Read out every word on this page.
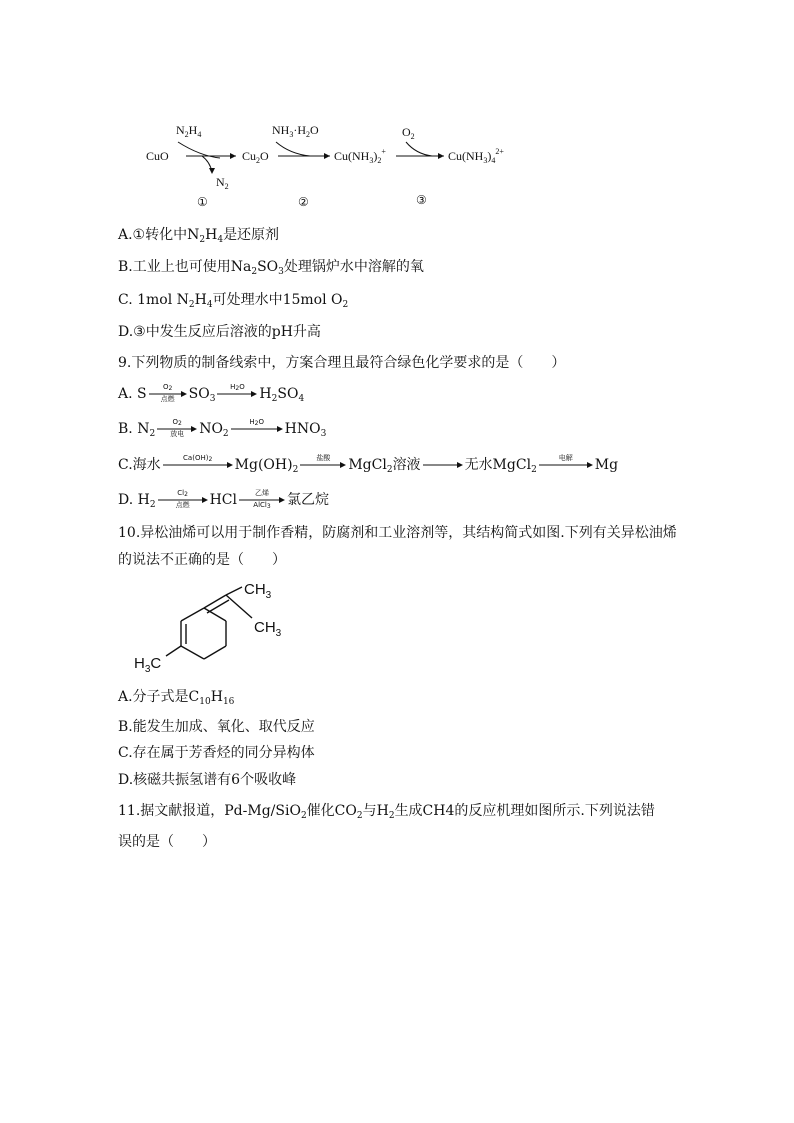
CuO
$N_2H_4$
$N_2$
$Cu_2O$
$NH_3\cdot H_2O$
$Cu(NH_3)_2^+$
$O_2$
$Cu(NH_3)_4^{2+}$
①	②	③
A.①转化中$N_2H_4$是还原剂
B.工业上也可使用$Na_2SO_3$处理锅炉水中溶解的氧
C. 1mol $N_2H_4$可处理水中15mol $O_2$
D.③中发生反应后溶液的pH升高
9.下列物质的制备线索中，方案合理且最符合绿色化学要求的是（　　）
A. S	$O_2$
点燃	$SO_3$
$H_2O$	$H_2SO_4$
B. $N_2$
$O_2$
放电	$NO_2$
$H_2O$	$HNO_3$
C.海水	$Ca(OH)_2$	$Mg(OH)_2$
盐酸	MgCl$_2$溶液	无水MgCl$_2$
电解	Mg
D. $H_2$
$Cl_2$
点燃	HCl	乙烯
AlCl$_3$	氯乙烷
10.异松油烯可以用于制作香精，防腐剂和工业溶剂等，其结构简式如图.下列有关异松油烯
的说法不正确的是（　　）
$CH_3$
$CH_3$
$H_3C$
A.分子式是$C_{10}H_{16}$
B.能发生加成、氧化、取代反应
C.存在属于芳香烃的同分异构体
D.核磁共振氢谱有6个吸收峰
11.据文献报道，Pd-Mg/SiO$_2$催化$CO_2$与$H_2$生成CH4的反应机理如图所示.下列说法错
误的是（　　）
